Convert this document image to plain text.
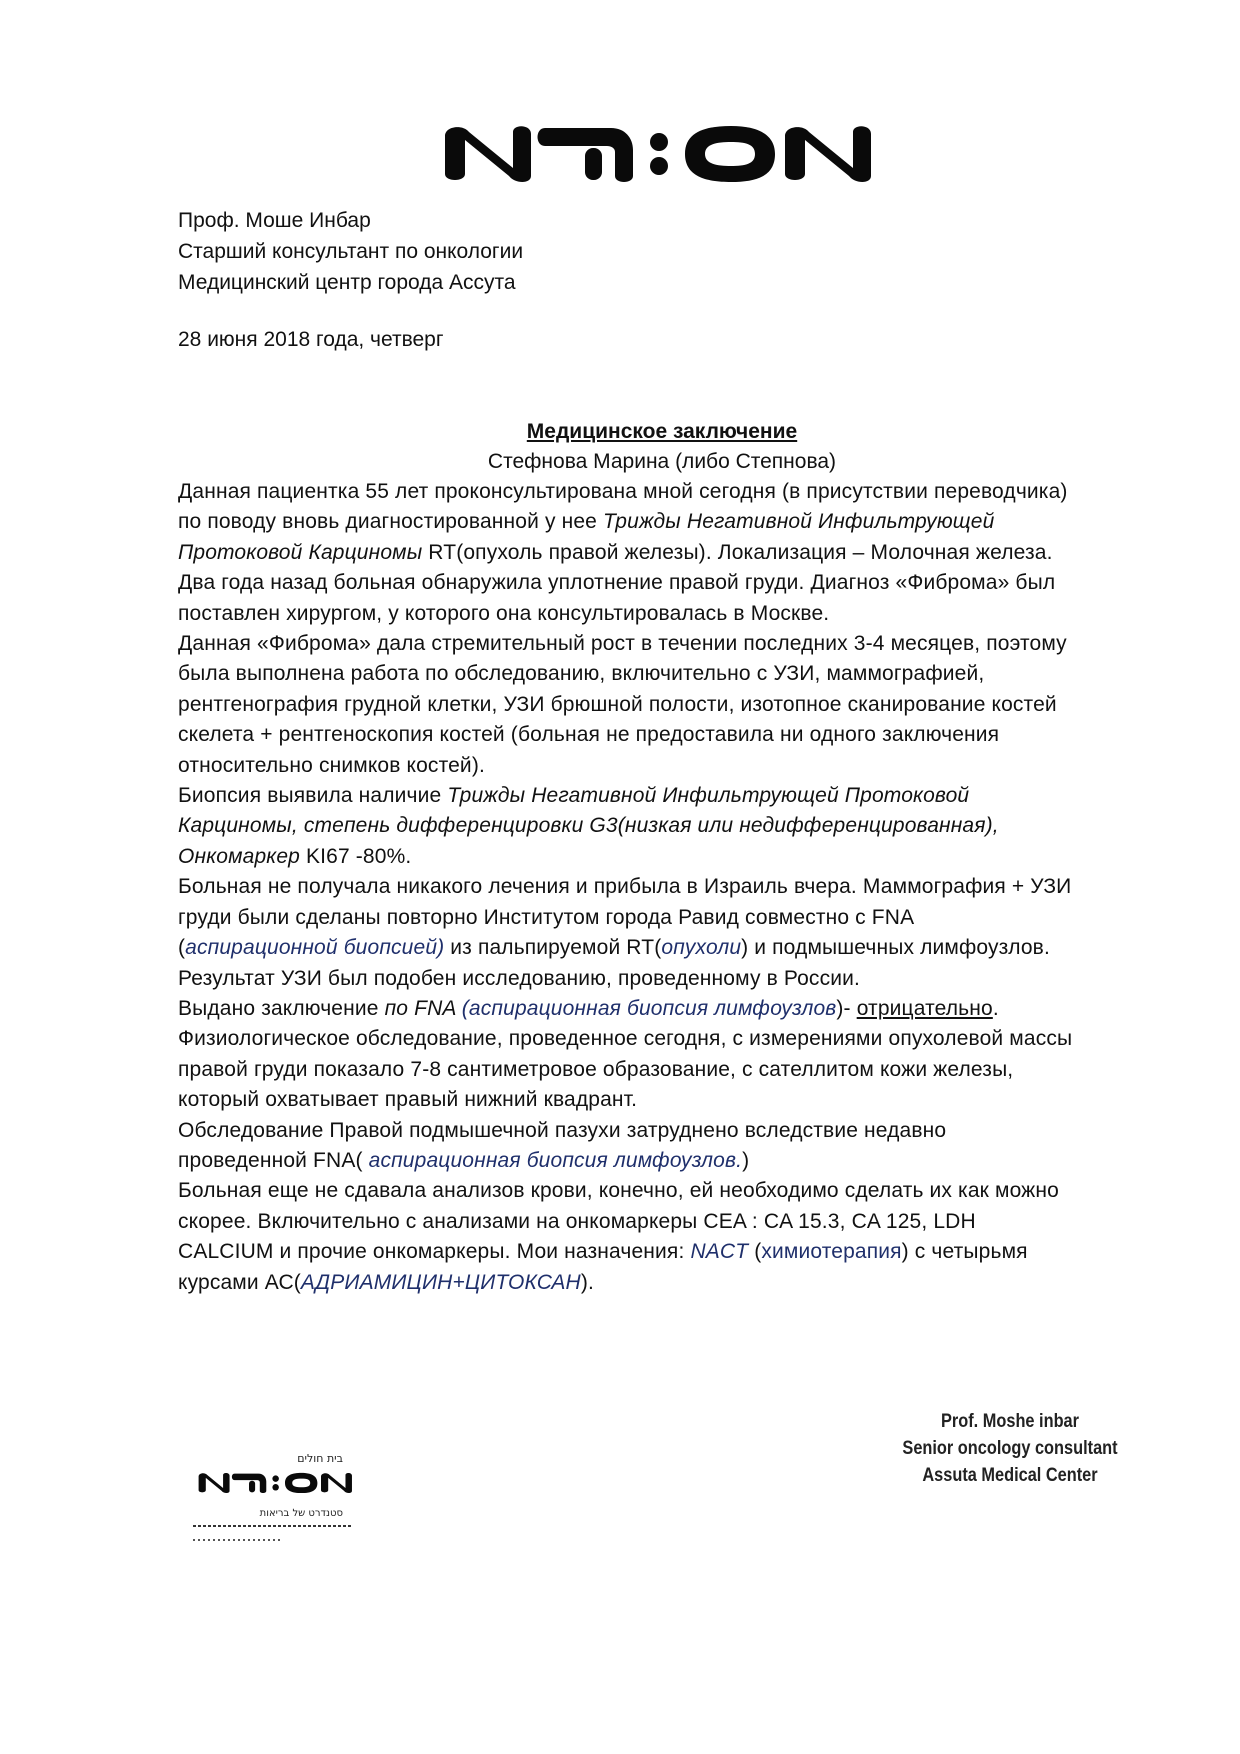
Проф. Моше Инбар
Старший консультант по онкологии
Медицинский центр города Ассута
28 июня 2018 года, четверг
Медицинское заключение
Стефнова Марина (либо Степнова)
Данная пациентка 55 лет проконсультирована мной сегодня (в присутствии переводчика)
по поводу вновь диагностированной у нее Трижды Негативной Инфильтрующей
Протоковой Карциномы RT(опухоль правой железы). Локализация – Молочная железа.
Два года назад больная обнаружила уплотнение правой груди. Диагноз «Фиброма» был
поставлен хирургом, у которого она консультировалась в Москве.
Данная «Фиброма» дала стремительный рост в течении последних 3-4 месяцев, поэтому
была выполнена работа по обследованию, включительно с УЗИ, маммографией,
рентгенография грудной клетки, УЗИ брюшной полости, изотопное сканирование костей
скелета + рентгеноскопия костей (больная не предоставила ни одного заключения
относительно снимков костей).
Биопсия выявила наличие Трижды Негативной Инфильтрующей Протоковой
Карциномы, степень дифференцировки G3(низкая или недифференцированная),
Онкомаркер KI67 -80%.
Больная не получала никакого лечения и прибыла в Израиль вчера. Маммография + УЗИ
груди были сделаны повторно Институтом города Равид совместно с FNA
(аспирационной биопсией) из пальпируемой RT(опухоли) и подмышечных лимфоузлов.
Результат УЗИ был подобен исследованию, проведенному в России.
Выдано заключение по FNA (аспирационная биопсия лимфоузлов)- отрицательно.
Физиологическое обследование, проведенное сегодня, с измерениями опухолевой массы
правой груди показало 7-8 сантиметровое образование, с сателлитом кожи железы,
который охватывает правый нижний квадрант.
Обследование Правой подмышечной пазухи затруднено вследствие недавно
проведенной FNA( аспирационная биопсия лимфоузлов.)
Больная еще не сдавала анализов крови, конечно, ей необходимо сделать их как можно
скорее. Включительно с анализами на онкомаркеры CEA : CA 15.3, CA 125, LDH
CALCIUM и прочие онкомаркеры. Мои назначения: NACT (химиотерапия) с четырьмя
курсами АС(АДРИАМИЦИН+ЦИТОКСАН).
בית חולים
סטנדרט של בריאות
Prof. Moshe inbar
Senior oncology consultant
Assuta Medical Center
